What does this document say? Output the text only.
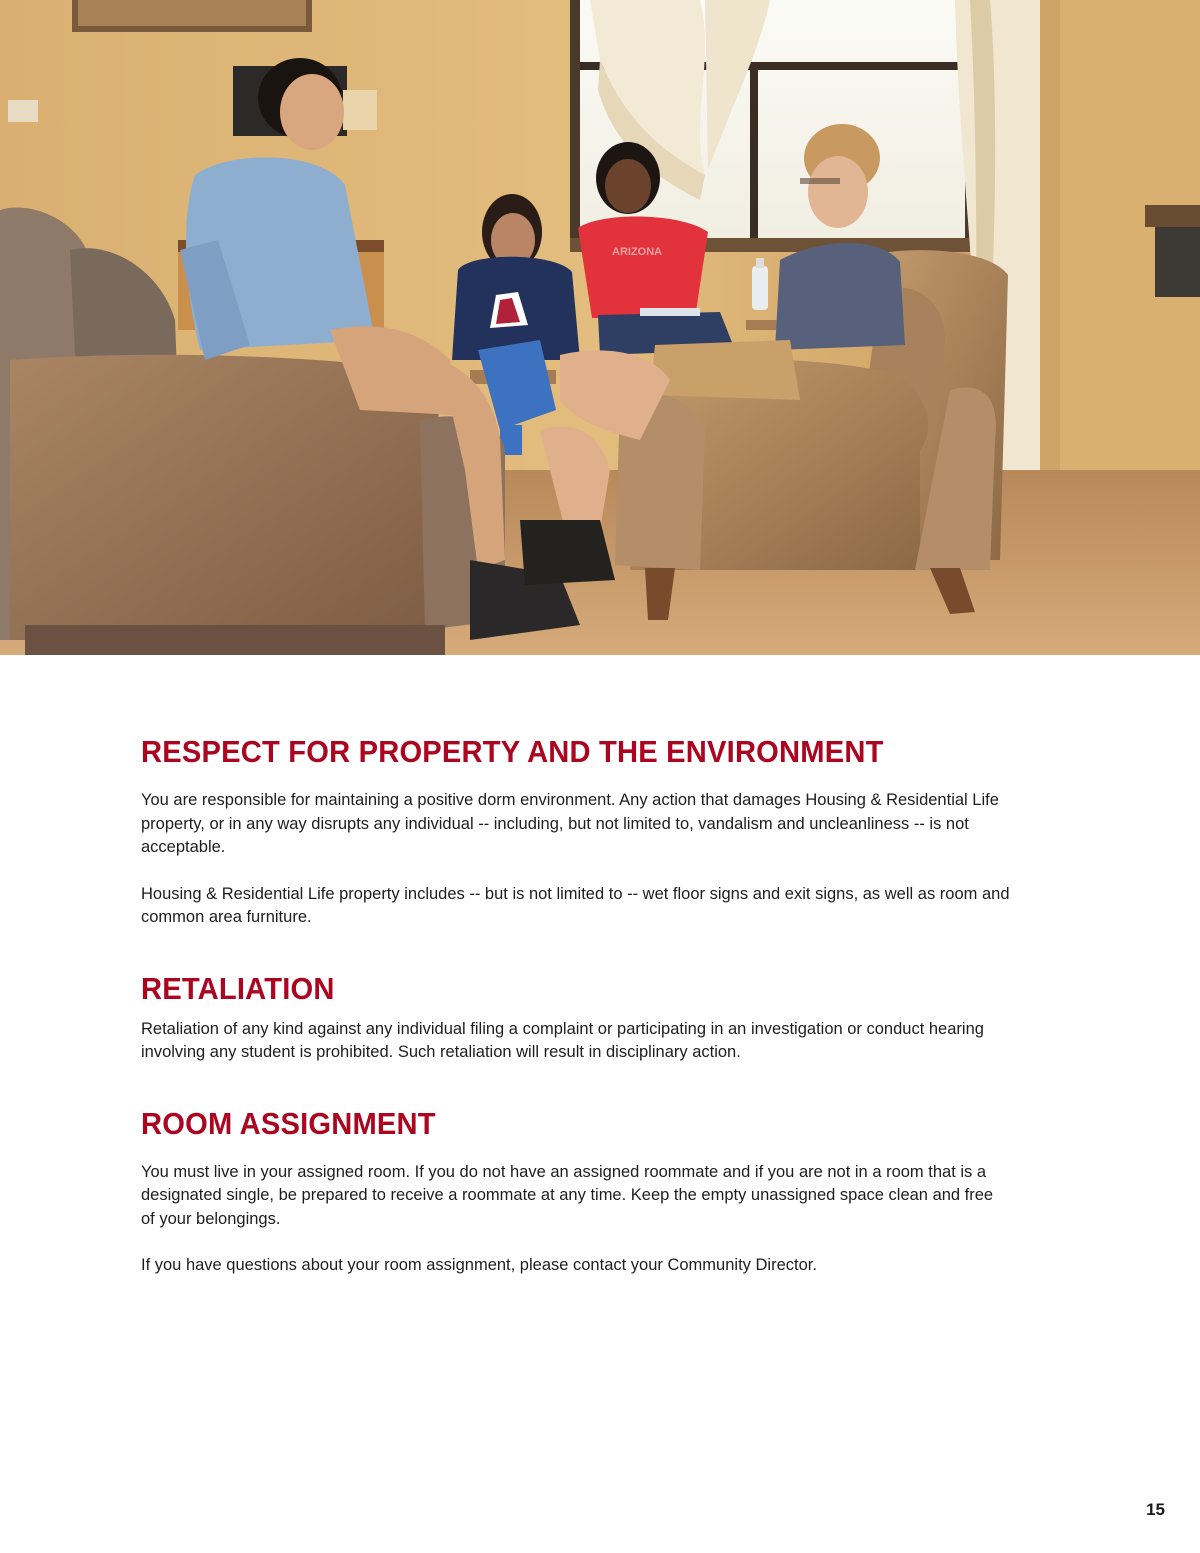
ARIZONA
RESPECT FOR PROPERTY AND THE ENVIRONMENT

You are responsible for maintaining a positive dorm environment. Any action that damages Housing & Residential Life property, or in any way disrupts any individual -- including, but not limited to, vandalism and uncleanliness -- is not acceptable.

Housing & Residential Life property includes -- but is not limited to -- wet floor signs and exit signs, as well as room and common area furniture.

RETALIATION

Retaliation of any kind against any individual filing a complaint or participating in an investigation or conduct hearing involving any student is prohibited. Such retaliation will result in disciplinary action.

ROOM ASSIGNMENT

You must live in your assigned room. If you do not have an assigned roommate and if you are not in a room that is a designated single, be prepared to receive a roommate at any time. Keep the empty unassigned space clean and free of your belongings.

If you have questions about your room assignment, please contact your Community Director.

15
